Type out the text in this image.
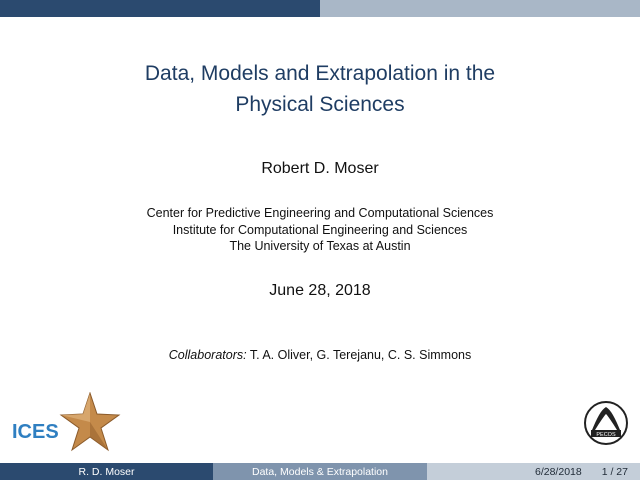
Data, Models and Extrapolation in the
Physical Sciences
Robert D. Moser
Center for Predictive Engineering and Computational Sciences
Institute for Computational Engineering and Sciences
The University of Texas at Austin
June 28, 2018
Collaborators: T. A. Oliver, G. Terejanu, C. S. Simmons
ICES	PECOS
R. D. Moser	Data, Models & Extrapolation	6/28/2018 1 / 27
